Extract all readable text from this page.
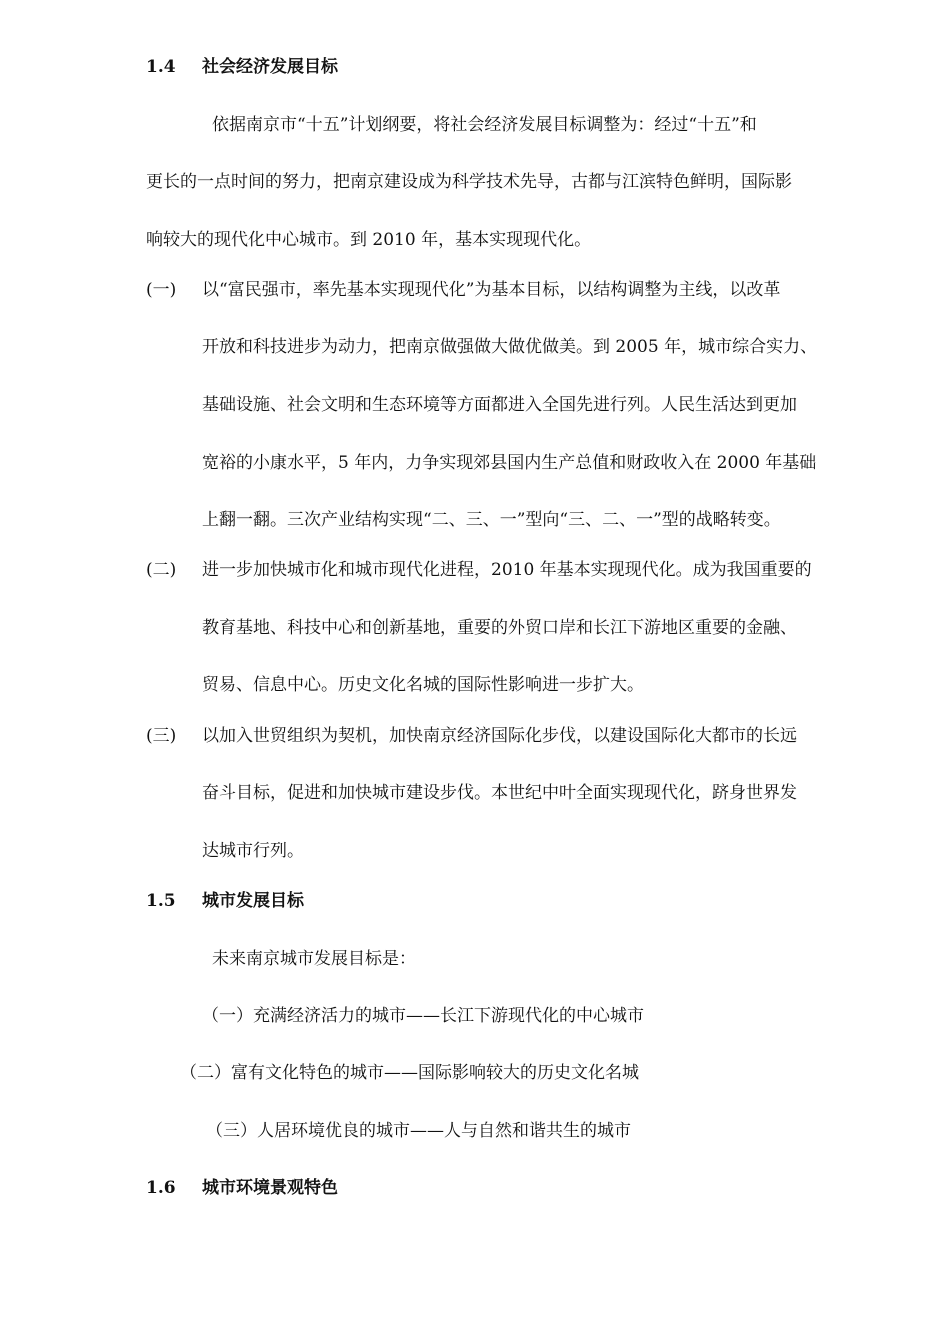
1.4 社会经济发展目标
依据南京市“十五”计划纲要，将社会经济发展目标调整为：经过“十五”和
更长的一点时间的努力，把南京建设成为科学技术先导，古都与江滨特色鲜明，国际影
响较大的现代化中心城市。到 2010 年，基本实现现代化。
(一) 以“富民强市，率先基本实现现代化”为基本目标，以结构调整为主线，以改革
开放和科技进步为动力，把南京做强做大做优做美。到 2005 年，城市综合实力、
基础设施、社会文明和生态环境等方面都进入全国先进行列。人民生活达到更加
宽裕的小康水平，5 年内，力争实现郊县国内生产总值和财政收入在 2000 年基础
上翻一翻。三次产业结构实现“二、三、一”型向“三、二、一”型的战略转变。
(二) 进一步加快城市化和城市现代化进程，2010 年基本实现现代化。成为我国重要的
教育基地、科技中心和创新基地，重要的外贸口岸和长江下游地区重要的金融、
贸易、信息中心。历史文化名城的国际性影响进一步扩大。
(三) 以加入世贸组织为契机，加快南京经济国际化步伐，以建设国际化大都市的长远
奋斗目标，促进和加快城市建设步伐。本世纪中叶全面实现现代化，跻身世界发
达城市行列。
1.5 城市发展目标
未来南京城市发展目标是：
（一）充满经济活力的城市——长江下游现代化的中心城市
（二）富有文化特色的城市——国际影响较大的历史文化名城
（三）人居环境优良的城市——人与自然和谐共生的城市
1.6 城市环境景观特色
